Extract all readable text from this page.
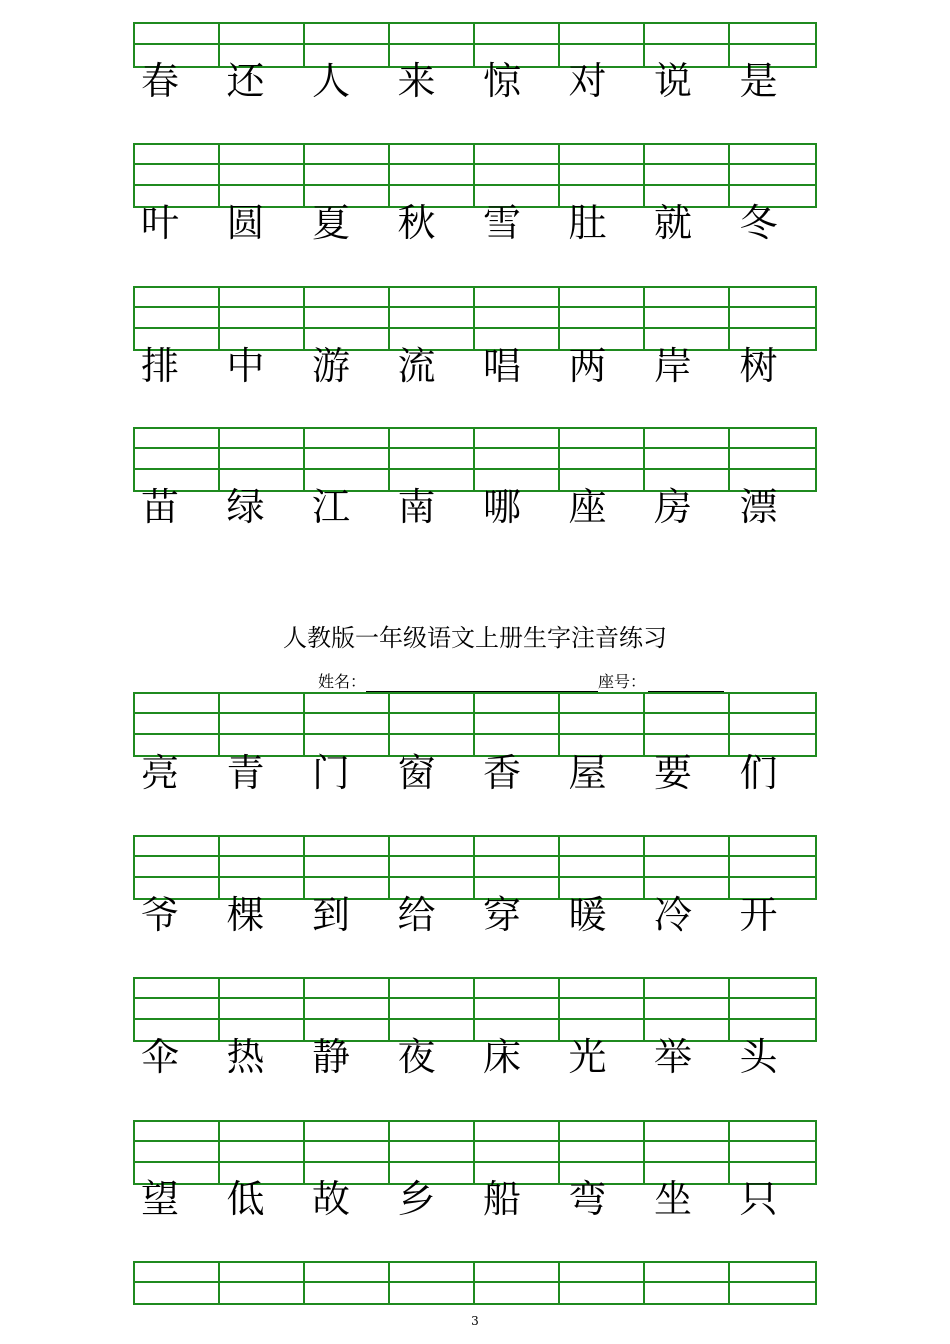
春	还	人	来	惊	对	说	是
叶	圆	夏	秋	雪	肚	就	冬
排	中	游	流	唱	两	岸	树
苗	绿	江	南	哪	座	房	漂
亮	青	门	窗	香	屋	要	们
爷	棵	到	给	穿	暖	冷	开
伞	热	静	夜	床	光	举	头
望	低	故	乡	船	弯	坐	只
人教版一年级语文上册生字注音练习
姓名：	座号：
3
